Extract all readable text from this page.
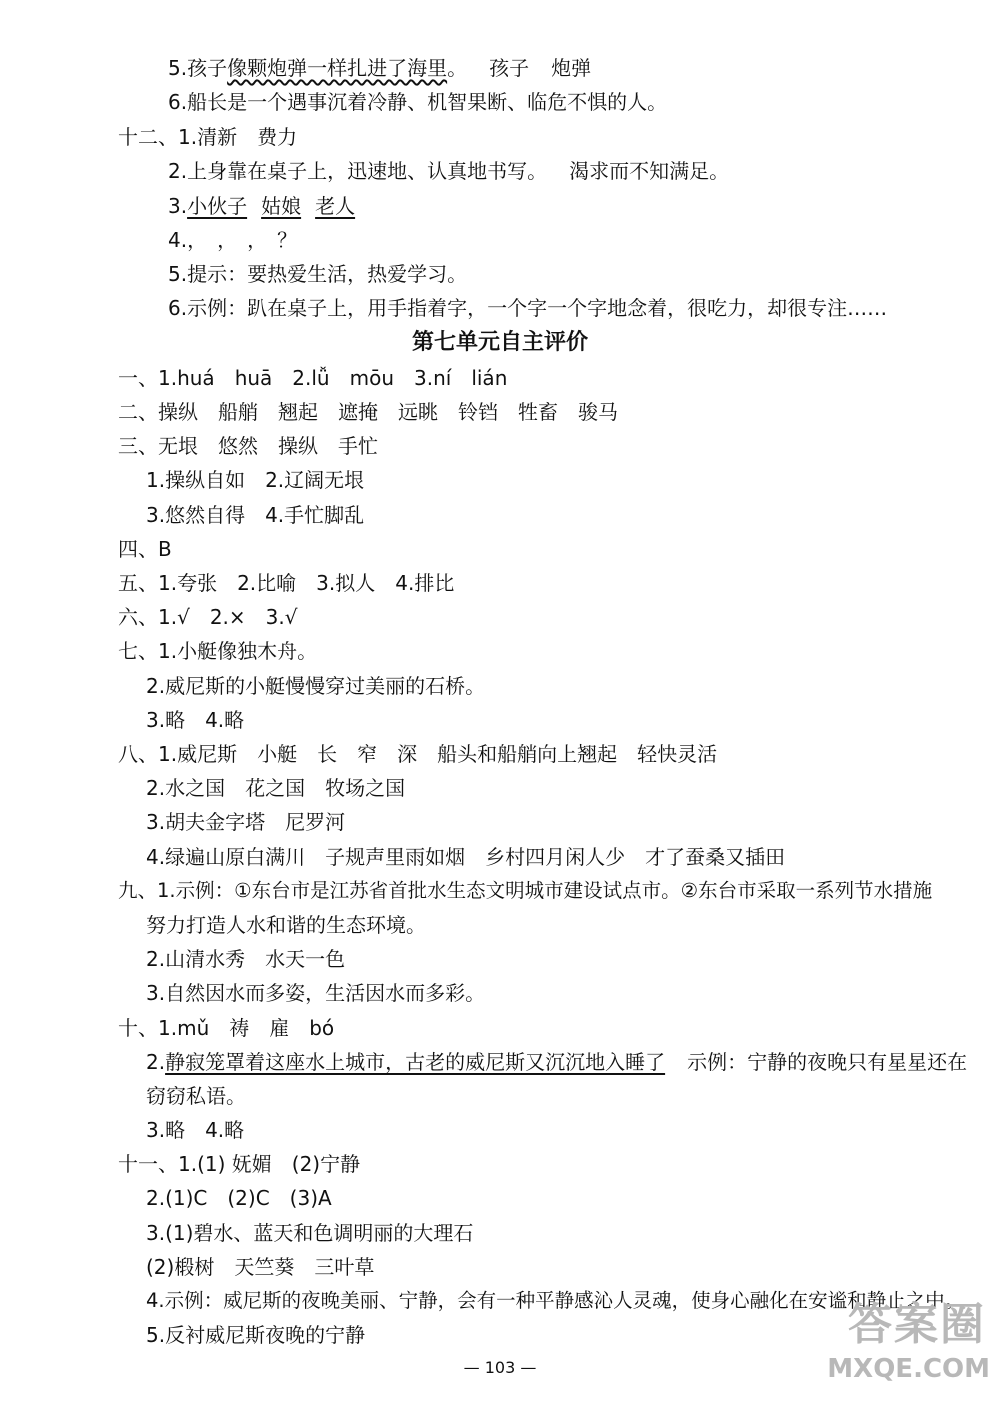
5.孩子像颗炮弹一样扎进了海里。 孩子 炮弹
6.船长是一个遇事沉着冷静、机智果断、临危不惧的人。
十二、1.清新　费力
2.上身靠在桌子上，迅速地、认真地书写。 渴求而不知满足。
3.小伙子 姑娘 老人
4.，　，　，　？
5.提示：要热爱生活，热爱学习。
6.示例：趴在桌子上，用手指着字，一个字一个字地念着，很吃力，却很专注……
第七单元自主评价
一、1.huá　huā　2.lǚ　mōu　3.ní　lián
二、操纵　船艄　翘起　遮掩　远眺　铃铛　牲畜　骏马
三、无垠　悠然　操纵　手忙
1.操纵自如　2.辽阔无垠
3.悠然自得　4.手忙脚乱
四、B
五、1.夸张　2.比喻　3.拟人　4.排比
六、1.√　2.×　3.√
七、1.小艇像独木舟。
2.威尼斯的小艇慢慢穿过美丽的石桥。
3.略　4.略
八、1.威尼斯　小艇　长　窄　深　船头和船艄向上翘起　轻快灵活
2.水之国　花之国　牧场之国
3.胡夫金字塔　尼罗河
4.绿遍山原白满川　子规声里雨如烟　乡村四月闲人少　才了蚕桑又插田
九、1.示例：①东台市是江苏省首批水生态文明城市建设试点市。②东台市采取一系列节水措施
努力打造人水和谐的生态环境。
2.山清水秀　水天一色
3.自然因水而多姿，生活因水而多彩。
十、1.mǔ　祷　雇　bó
2.静寂笼罩着这座水上城市，古老的威尼斯又沉沉地入睡了 示例：宁静的夜晚只有星星还在
窃窃私语。
3.略　4.略
十一、1.(1) 妩媚　(2)宁静
2.(1)C　(2)C　(3)A
3.(1)碧水、蓝天和色调明丽的大理石
(2)椴树　天竺葵　三叶草
4.示例：威尼斯的夜晚美丽、宁静，会有一种平静感沁人灵魂，使身心融化在安谧和静止之中。
5.反衬威尼斯夜晚的宁静
— 103 —
答案圈
MXQE.COM
